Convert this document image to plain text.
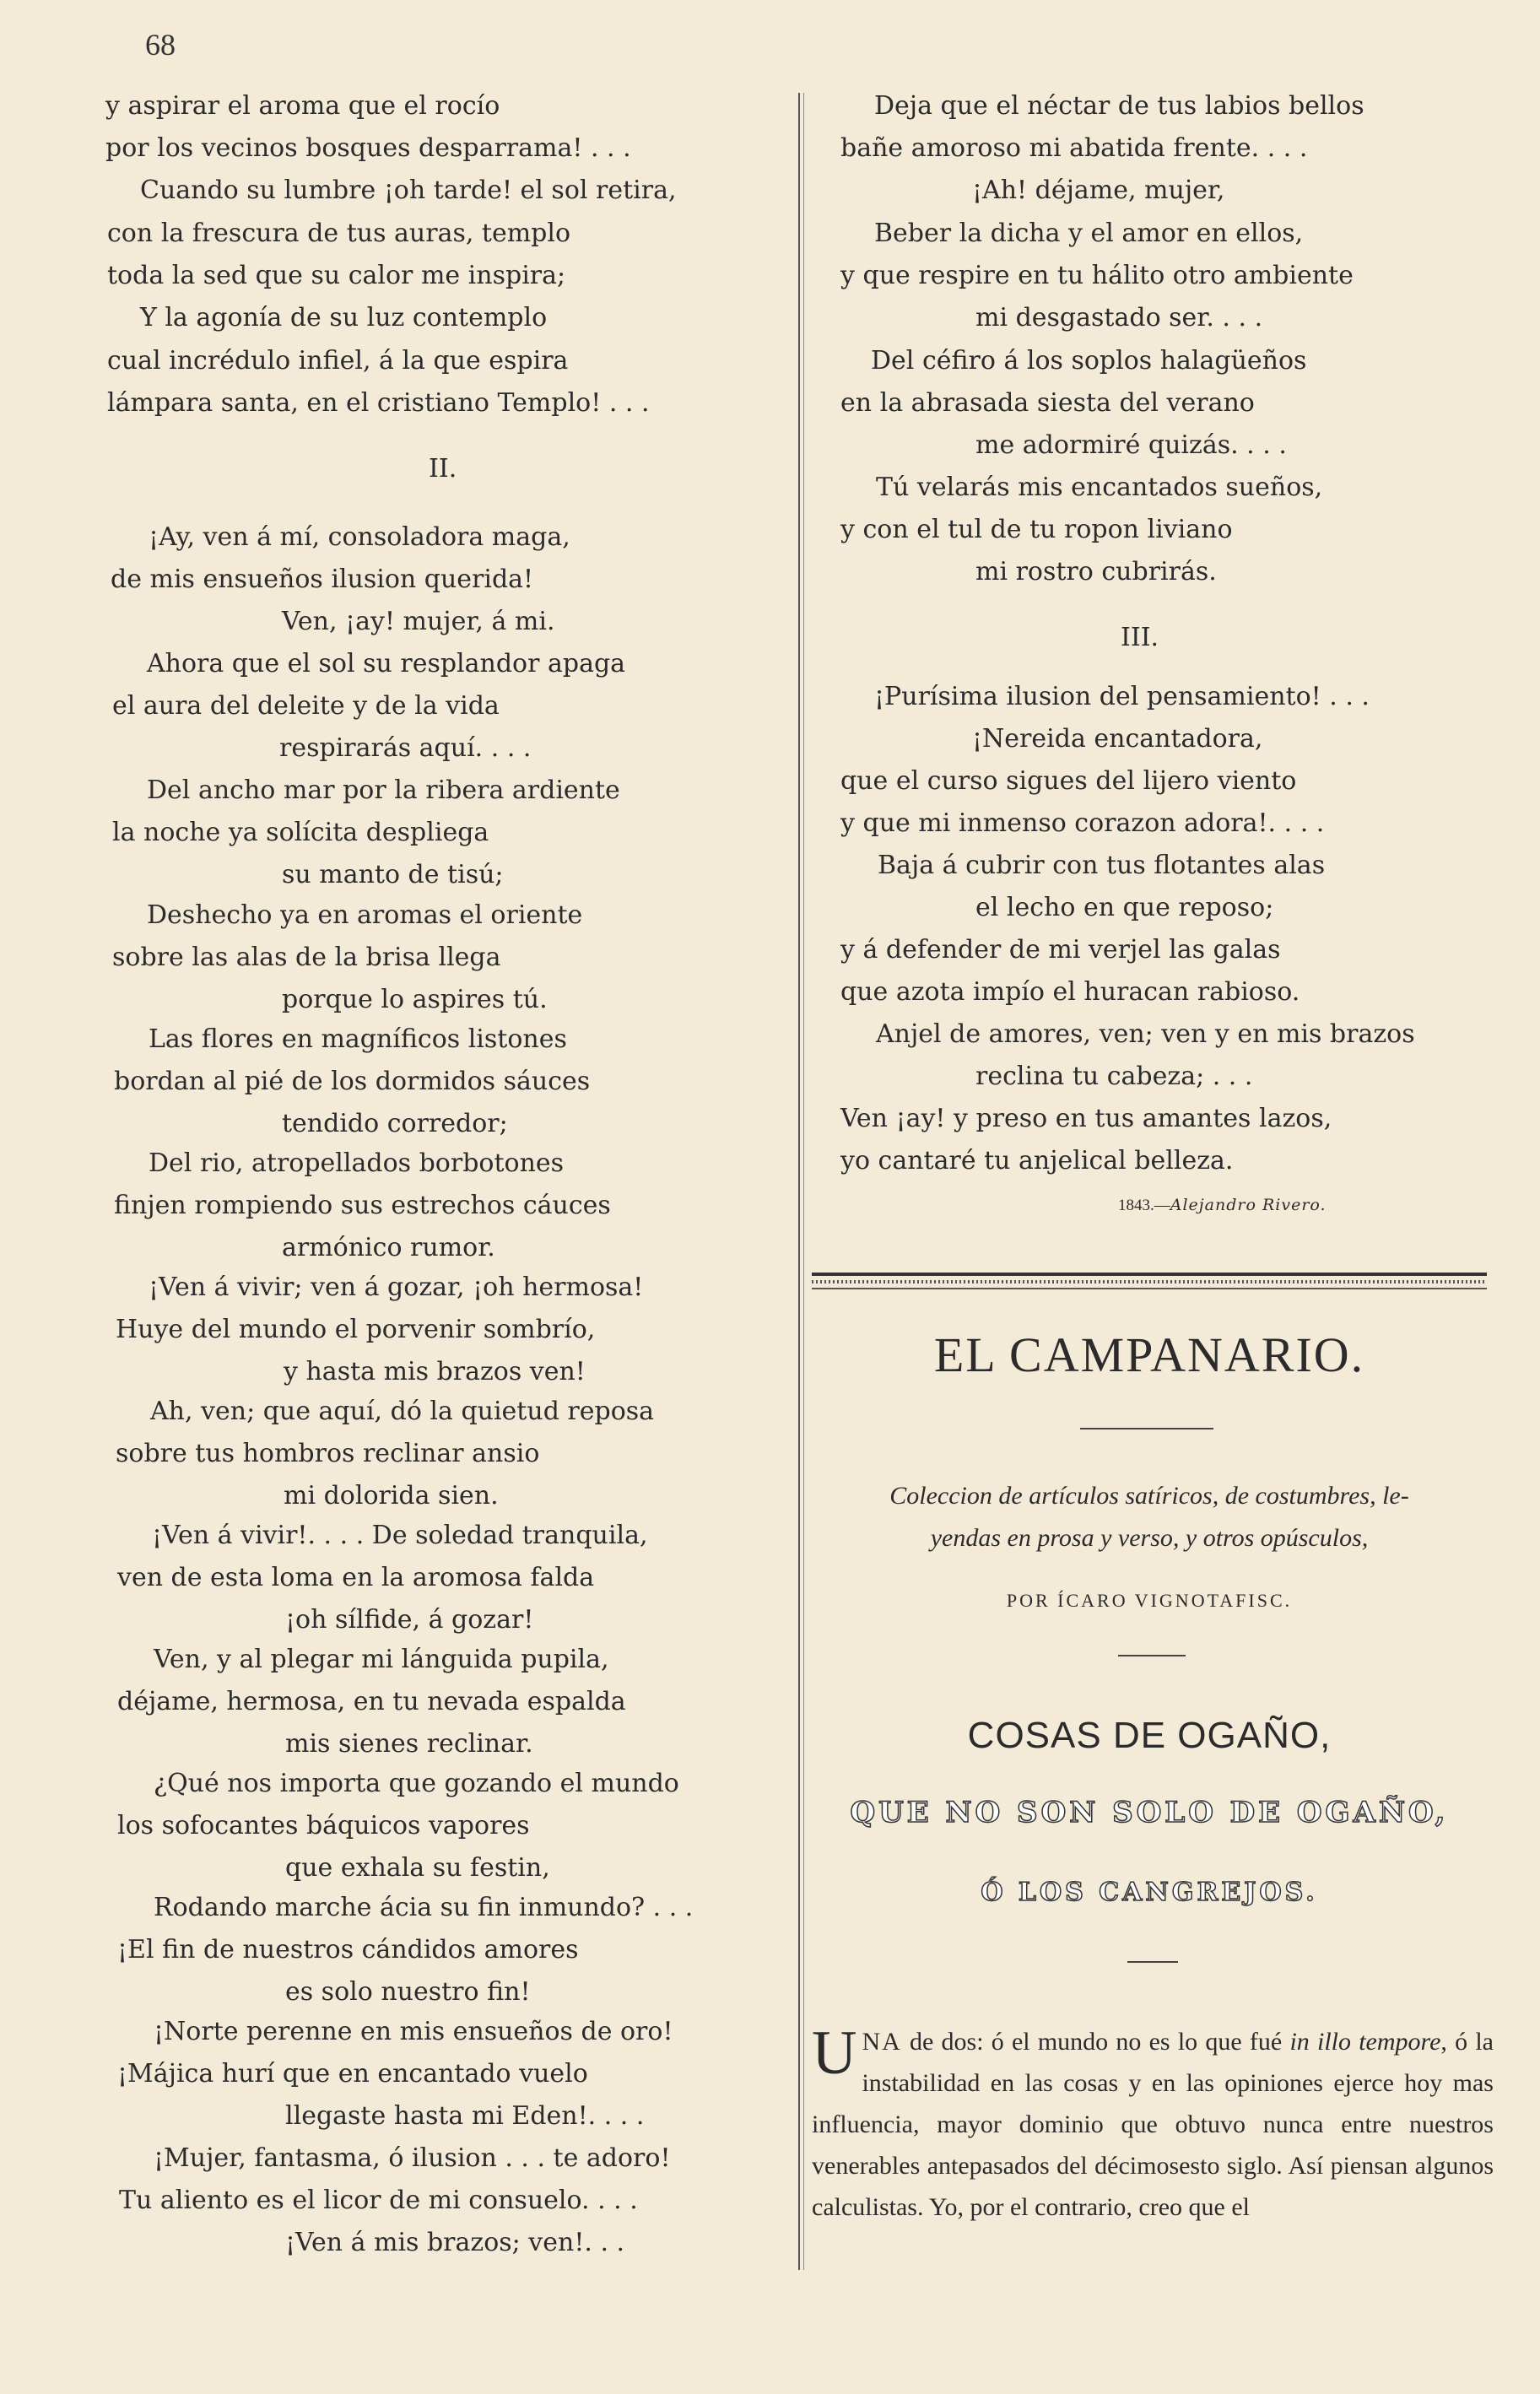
68
y aspirar el aroma que el rocío
por los vecinos bosques desparrama! . . .
Cuando su lumbre ¡oh tarde! el sol retira,
con la frescura de tus auras, templo
toda la sed que su calor me inspira;
Y la agonía de su luz contemplo
cual incrédulo infiel, á la que espira
lámpara santa, en el cristiano Templo! . . .
II.
¡Ay, ven á mí, consoladora maga,
de mis ensueños ilusion querida!
Ven, ¡ay! mujer, á mi.
Ahora que el sol su resplandor apaga
el aura del deleite y de la vida
respirarás aquí. . . .
Del ancho mar por la ribera ardiente
la noche ya solícita despliega
su manto de tisú;
Deshecho ya en aromas el oriente
sobre las alas de la brisa llega
porque lo aspires tú.
Las flores en magníficos listones
bordan al pié de los dormidos sáuces
tendido corredor;
Del rio, atropellados borbotones
finjen rompiendo sus estrechos cáuces
armónico rumor.
¡Ven á vivir; ven á gozar, ¡oh hermosa!
Huye del mundo el porvenir sombrío,
y hasta mis brazos ven!
Ah, ven; que aquí, dó la quietud reposa
sobre tus hombros reclinar ansio
mi dolorida sien.
¡Ven á vivir!. . . . De soledad tranquila,
ven de esta loma en la aromosa falda
¡oh sílfide, á gozar!
Ven, y al plegar mi lánguida pupila,
déjame, hermosa, en tu nevada espalda
mis sienes reclinar.
¿Qué nos importa que gozando el mundo
los sofocantes báquicos vapores
que exhala su festin,
Rodando marche ácia su fin inmundo? . . .
¡El fin de nuestros cándidos amores
es solo nuestro fin!
¡Norte perenne en mis ensueños de oro!
¡Májica hurí que en encantado vuelo
llegaste hasta mi Eden!. . . .
¡Mujer, fantasma, ó ilusion . . . te adoro!
Tu aliento es el licor de mi consuelo. . . .
¡Ven á mis brazos; ven!. . .
Deja que el néctar de tus labios bellos
bañe amoroso mi abatida frente. . . .
¡Ah! déjame, mujer,
Beber la dicha y el amor en ellos,
y que respire en tu hálito otro ambiente
mi desgastado ser. . . .
Del céfiro á los soplos halagüeños
en la abrasada siesta del verano
me adormiré quizás. . . .
Tú velarás mis encantados sueños,
y con el tul de tu ropon liviano
mi rostro cubrirás.
III.
¡Purísima ilusion del pensamiento! . . .
¡Nereida encantadora,
que el curso sigues del lijero viento
y que mi inmenso corazon adora!. . . .
Baja á cubrir con tus flotantes alas
el lecho en que reposo;
y á defender de mi verjel las galas
que azota impío el huracan rabioso.
Anjel de amores, ven; ven y en mis brazos
reclina tu cabeza; . . .
Ven ¡ay! y preso en tus amantes lazos,
yo cantaré tu anjelical belleza.
1843.—Alejandro Rivero.
EL CAMPANARIO.
Coleccion de artículos satíricos, de costumbres, le-
yendas en prosa y verso, y otros opúsculos,
POR ÍCARO VIGNOTAFISC.
COSAS DE OGAÑO,
QUE NO SON SOLO DE OGAÑO,
Ó LOS CANGREJOS.
UNA de dos: ó el mundo no es lo que fué in illo tempore, ó la instabilidad en las cosas y en las opiniones ejerce hoy mas influencia, mayor dominio que obtuvo nunca entre nuestros venerables antepasados del décimosesto siglo. Así piensan algunos calculistas. Yo, por el contrario, creo que el
